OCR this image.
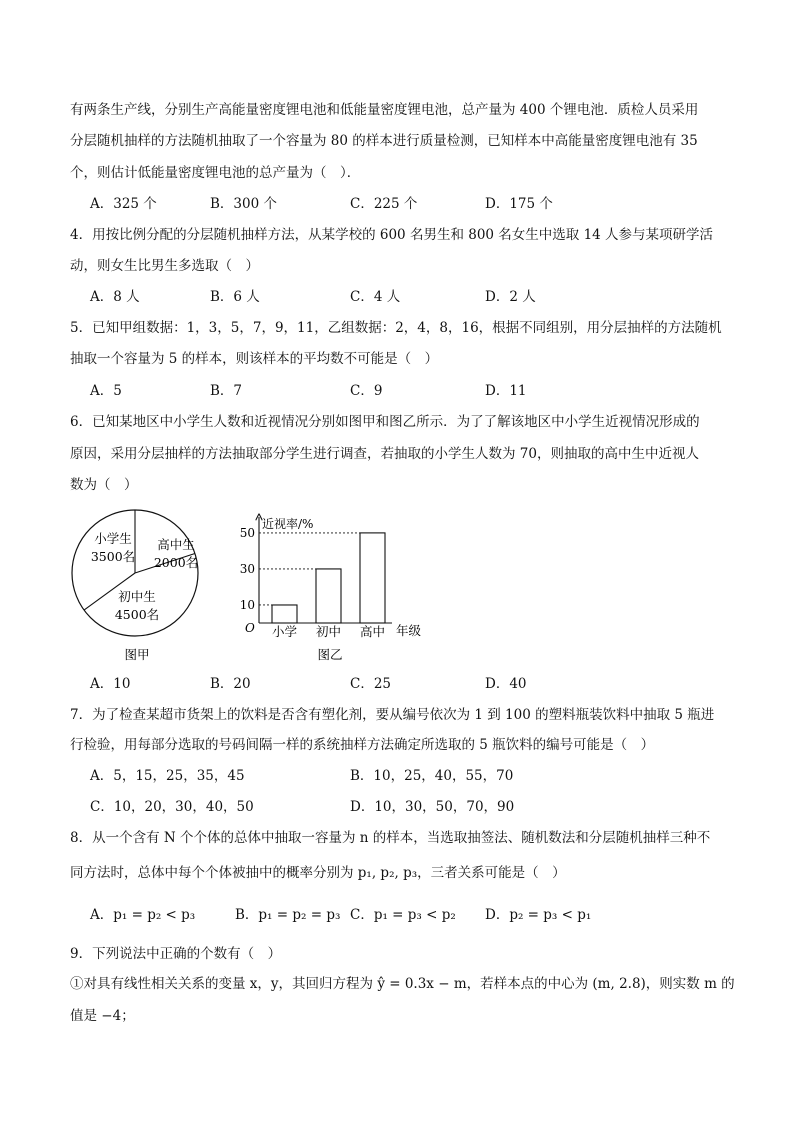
有两条生产线，分别生产高能量密度锂电池和低能量密度锂电池，总产量为 400 个锂电池．质检人员采用
分层随机抽样的方法随机抽取了一个容量为 80 的样本进行质量检测，已知样本中高能量密度锂电池有 35
个，则估计低能量密度锂电池的总产量为（　）．
A．325 个	B．300 个	C．225 个	D．175 个
4．用按比例分配的分层随机抽样方法，从某学校的 600 名男生和 800 名女生中选取 14 人参与某项研学活
动，则女生比男生多选取（　）
A．8 人	B．6 人	C．4 人	D．2 人
5．已知甲组数据：1，3，5，7，9，11，乙组数据：2，4，8，16，根据不同组别，用分层抽样的方法随机
抽取一个容量为 5 的样本，则该样本的平均数不可能是（　）
A．5	B．7	C．9	D．11
6．已知某地区中小学生人数和近视情况分别如图甲和图乙所示．为了了解该地区中小学生近视情况形成的
原因，采用分层抽样的方法抽取部分学生进行调查，若抽取的小学生人数为 70，则抽取的高中生中近视人
数为（　）
小学生
3500名
高中生
2000名
初中生
4500名
图甲
近视率/%
年级
O
10
小学
30
初中
50
高中
图乙
A．10	B．20	C．25	D．40
7．为了检查某超市货架上的饮料是否含有塑化剂，要从编号依次为 1 到 100 的塑料瓶装饮料中抽取 5 瓶进
行检验，用每部分选取的号码间隔一样的系统抽样方法确定所选取的 5 瓶饮料的编号可能是（　）
A．5，15，25，35，45	B．10，25，40，55，70
C．10，20，30，40，50	D．10，30，50，70，90
8．从一个含有 N 个个体的总体中抽取一容量为 n 的样本，当选取抽签法、随机数法和分层随机抽样三种不
同方法时，总体中每个个体被抽中的概率分别为 p₁, p₂, p₃，三者关系可能是（　）
A．p₁ = p₂ < p₃	B．p₁ = p₂ = p₃ C．p₁ = p₃ < p₂ D．p₂ = p₃ < p₁
9．下列说法中正确的个数有（　）
①对具有线性相关关系的变量 x，y，其回归方程为 ŷ = 0.3x − m，若样本点的中心为 (m, 2.8)，则实数 m 的
值是 −4；
